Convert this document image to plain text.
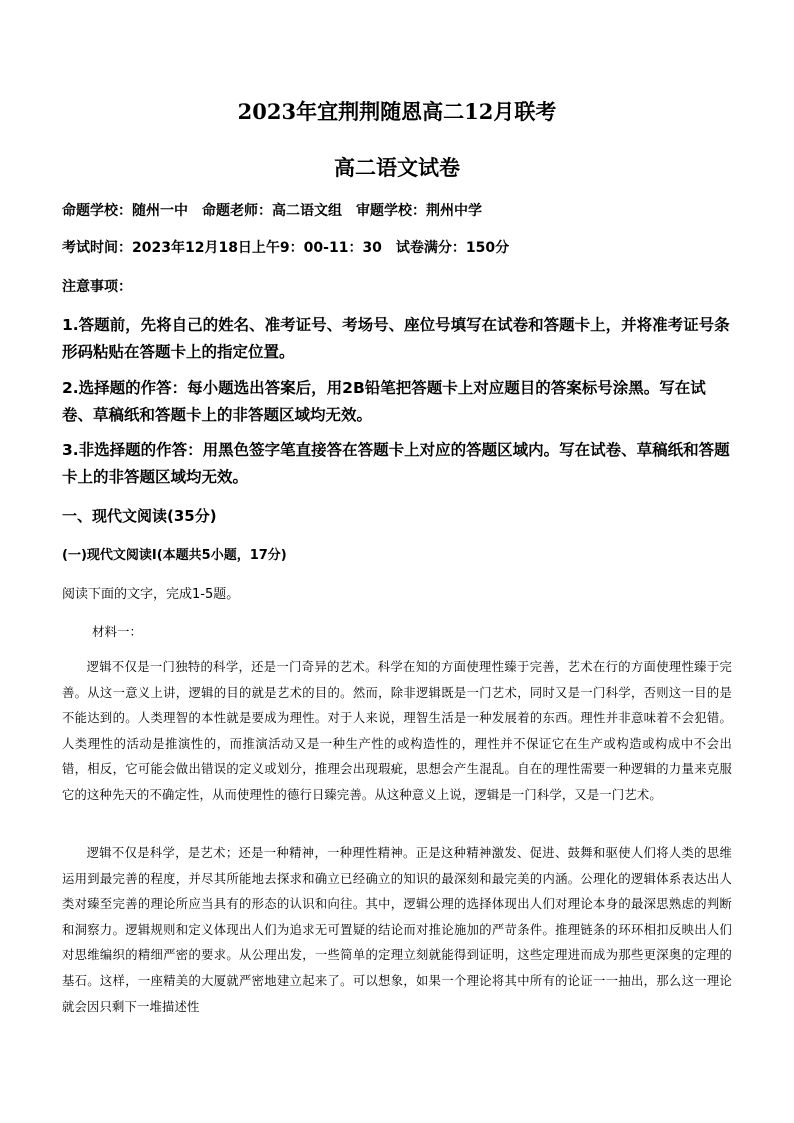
2023年宜荆荆随恩高二12月联考
高二语文试卷

命题学校：随州一中　命题老师：高二语文组　审题学校：荆州中学

考试时间：2023年12月18日上午9：00-11：30　试卷满分：150分

注意事项：

1.答题前，先将自己的姓名、准考证号、考场号、座位号填写在试卷和答题卡上，并将准考证号条形码粘贴在答题卡上的指定位置。

2.选择题的作答：每小题选出答案后，用2B铅笔把答题卡上对应题目的答案标号涂黑。写在试卷、草稿纸和答题卡上的非答题区域均无效。

3.非选择题的作答：用黑色签字笔直接答在答题卡上对应的答题区域内。写在试卷、草稿纸和答题卡上的非答题区域均无效。

一、现代文阅读(35分)

(一)现代文阅读Ⅰ(本题共5小题，17分)

阅读下面的文字，完成1-5题。

材料一：

逻辑不仅是一门独特的科学，还是一门奇异的艺术。科学在知的方面使理性臻于完善，艺术在行的方面使理性臻于完善。从这一意义上讲，逻辑的目的就是艺术的目的。然而，除非逻辑既是一门艺术，同时又是一门科学，否则这一目的是不能达到的。人类理智的本性就是要成为理性。对于人来说，理智生活是一种发展着的东西。理性并非意味着不会犯错。人类理性的活动是推演性的，而推演活动又是一种生产性的或构造性的，理性并不保证它在生产或构造或构成中不会出错，相反，它可能会做出错误的定义或划分，推理会出现瑕疵，思想会产生混乱。自在的理性需要一种逻辑的力量来克服它的这种先天的不确定性，从而使理性的德行日臻完善。从这种意义上说，逻辑是一门科学，又是一门艺术。

逻辑不仅是科学，是艺术；还是一种精神，一种理性精神。正是这种精神激发、促进、鼓舞和驱使人们将人类的思维运用到最完善的程度，并尽其所能地去探求和确立已经确立的知识的最深刻和最完美的内涵。公理化的逻辑体系表达出人类对臻至完善的理论所应当具有的形态的认识和向往。其中，逻辑公理的选择体现出人们对理论本身的最深思熟虑的判断和洞察力。逻辑规则和定义体现出人们为追求无可置疑的结论而对推论施加的严苛条件。推理链条的环环相扣反映出人们对思维编织的精细严密的要求。从公理出发，一些简单的定理立刻就能得到证明，这些定理进而成为那些更深奥的定理的基石。这样，一座精美的大厦就严密地建立起来了。可以想象，如果一个理论将其中所有的论证一一抽出，那么这一理论就会因只剩下一堆描述性
